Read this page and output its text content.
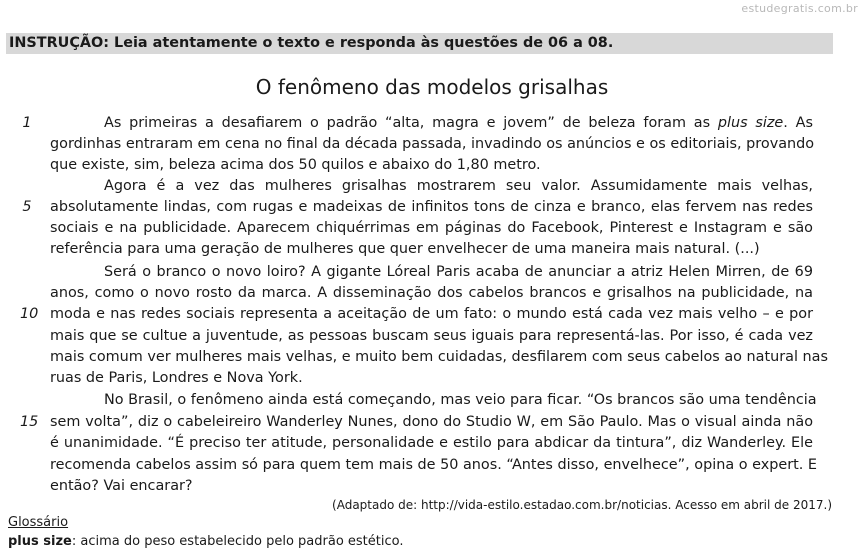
estudegratis.com.br
INSTRUÇÃO: Leia atentamente o texto e responda às questões de 06 a 08.
O fenômeno das modelos grisalhas
1
5
10
15
As primeiras a desafiarem o padrão “alta, magra e jovem” de beleza foram as plus size. As
gordinhas entraram em cena no final da década passada, invadindo os anúncios e os editoriais, provando
que existe, sim, beleza acima dos 50 quilos e abaixo do 1,80 metro.
Agora é a vez das mulheres grisalhas mostrarem seu valor. Assumidamente mais velhas,
absolutamente lindas, com rugas e madeixas de infinitos tons de cinza e branco, elas fervem nas redes
sociais e na publicidade. Aparecem chiquérrimas em páginas do Facebook, Pinterest e Instagram e são
referência para uma geração de mulheres que quer envelhecer de uma maneira mais natural. (...)
Será o branco o novo loiro? A gigante Lóreal Paris acaba de anunciar a atriz Helen Mirren, de 69
anos, como o novo rosto da marca. A disseminação dos cabelos brancos e grisalhos na publicidade, na
moda e nas redes sociais representa a aceitação de um fato: o mundo está cada vez mais velho – e por
mais que se cultue a juventude, as pessoas buscam seus iguais para representá-las. Por isso, é cada vez
mais comum ver mulheres mais velhas, e muito bem cuidadas, desfilarem com seus cabelos ao natural nas
ruas de Paris, Londres e Nova York.
No Brasil, o fenômeno ainda está começando, mas veio para ficar. “Os brancos são uma tendência
sem volta”, diz o cabeleireiro Wanderley Nunes, dono do Studio W, em São Paulo. Mas o visual ainda não
é unanimidade. “É preciso ter atitude, personalidade e estilo para abdicar da tintura”, diz Wanderley. Ele
recomenda cabelos assim só para quem tem mais de 50 anos. “Antes disso, envelhece”, opina o expert. E
então? Vai encarar?
(Adaptado de: http://vida-estilo.estadao.com.br/noticias. Acesso em abril de 2017.)
Glossário
plus size: acima do peso estabelecido pelo padrão estético.
